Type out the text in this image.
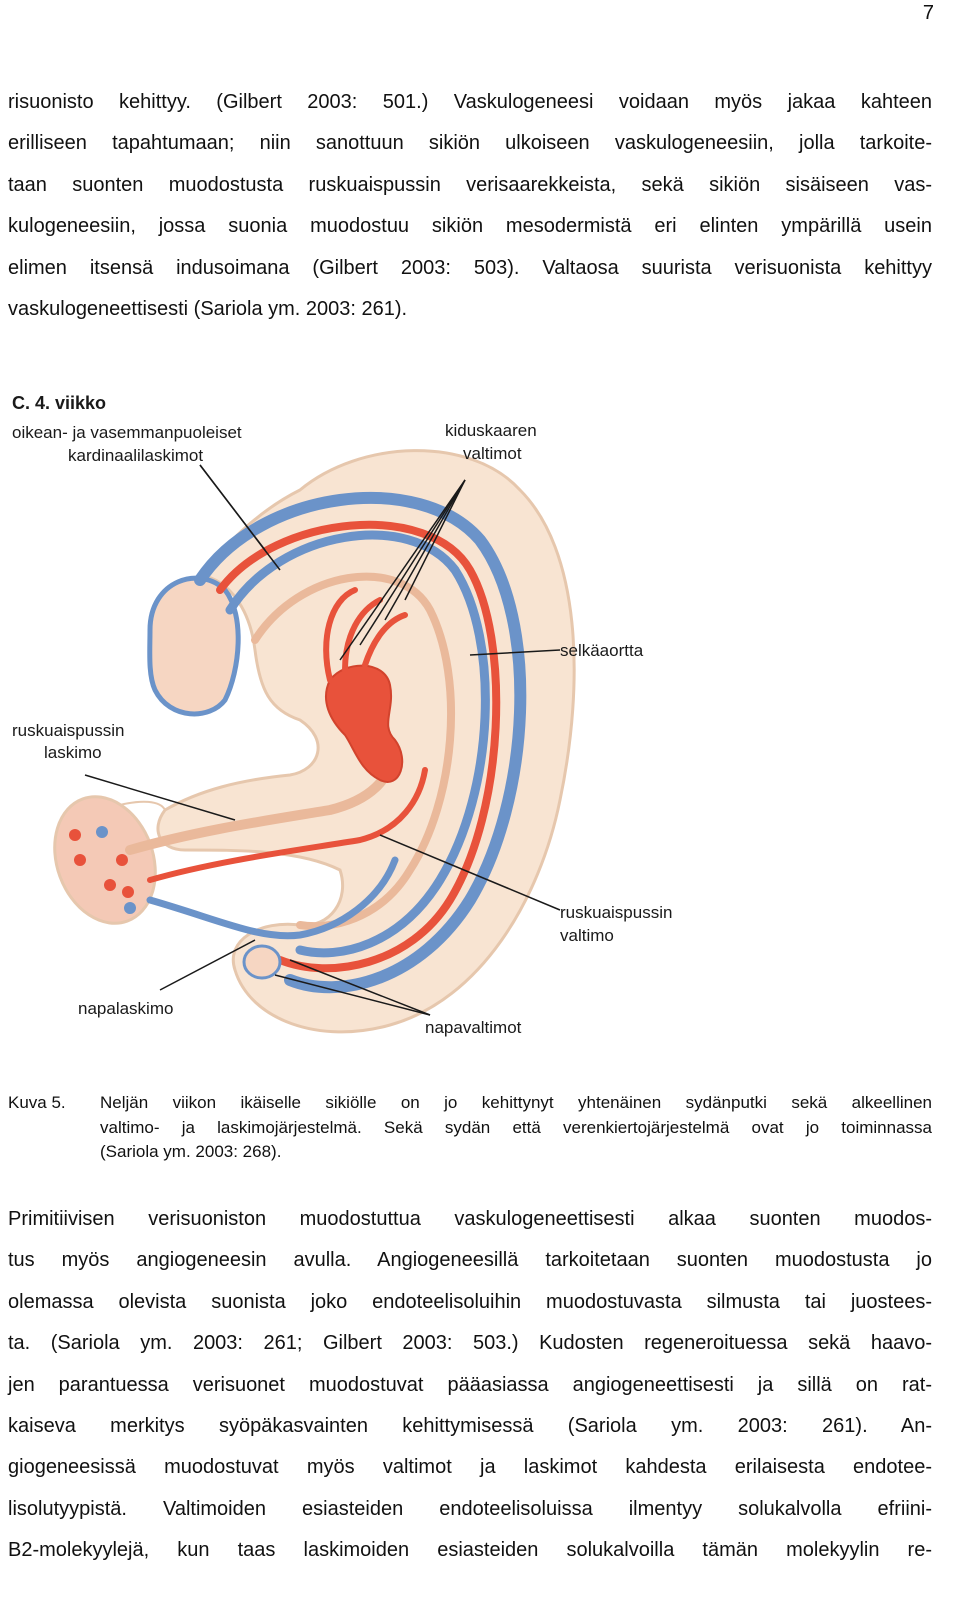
7
risuonisto kehittyy. (Gilbert 2003: 501.) Vaskulogeneesi voidaan myös jakaa kahteen
erilliseen tapahtumaan; niin sanottuun sikiön ulkoiseen vaskulogeneesiin, jolla tarkoite-
taan suonten muodostusta ruskuaispussin verisaarekkeista, sekä sikiön sisäiseen vas-
kulogeneesiin, jossa suonia muodostuu sikiön mesodermistä eri elinten ympärillä usein
elimen itsensä indusoimana (Gilbert 2003: 503). Valtaosa suurista verisuonista kehittyy
vaskulogeneettisesti (Sariola ym. 2003: 261).
C. 4. viikko
oikean- ja vasemmanpuoleiset
kardinaalilaskimot
kiduskaaren
valtimot
selkäaortta
ruskuaispussin
laskimo
ruskuaispussin
valtimo
napalaskimo
napavaltimot
Kuva 5. Neljän viikon ikäiselle sikiölle on jo kehittynyt yhtenäinen sydänputki sekä alkeellinen
valtimo- ja laskimojärjestelmä. Sekä sydän että verenkiertojärjestelmä ovat jo toiminnassa
(Sariola ym. 2003: 268).
Primitiivisen verisuoniston muodostuttua vaskulogeneettisesti alkaa suonten muodos-
tus myös angiogeneesin avulla. Angiogeneesillä tarkoitetaan suonten muodostusta jo
olemassa olevista suonista joko endoteelisoluihin muodostuvasta silmusta tai juostees-
ta. (Sariola ym. 2003: 261; Gilbert 2003: 503.) Kudosten regeneroituessa sekä haavo-
jen parantuessa verisuonet muodostuvat pääasiassa angiogeneettisesti ja sillä on rat-
kaiseva merkitys syöpäkasvainten kehittymisessä (Sariola ym. 2003: 261). An-
giogeneesissä muodostuvat myös valtimot ja laskimot kahdesta erilaisesta endotee-
lisolutyypistä. Valtimoiden esiasteiden endoteelisoluissa ilmentyy solukalvolla efriini-
B2-molekyylejä, kun taas laskimoiden esiasteiden solukalvoilla tämän molekyylin re-
